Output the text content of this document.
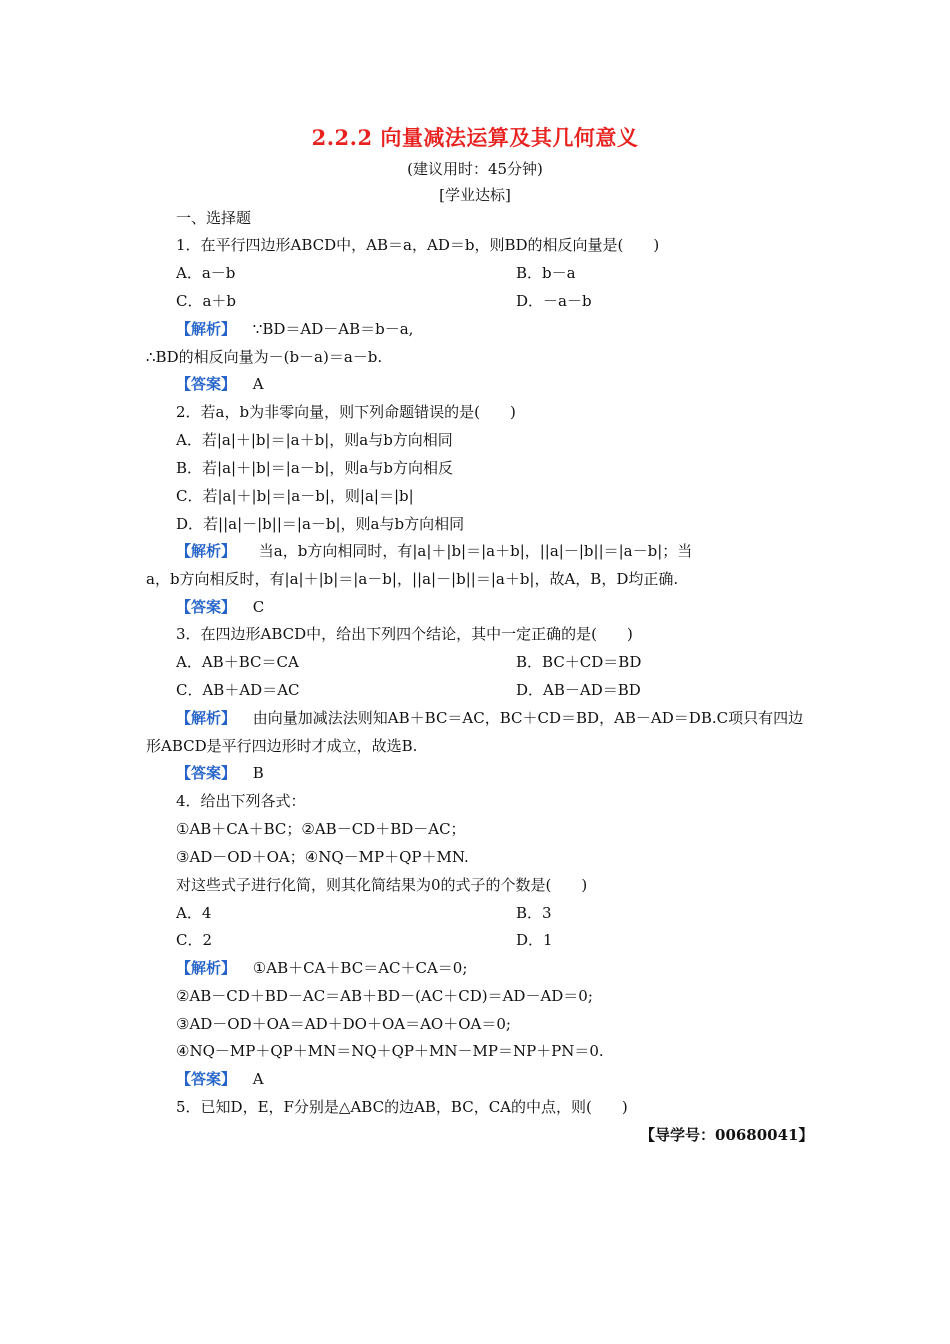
2.2.2 向量减法运算及其几何意义
(建议用时：45分钟)
[学业达标]
一、选择题
1．在平行四边形ABCD中，AB＝a，AD＝b，则BD的相反向量是(　　)
A．a－b	B．b－a
C．a＋b	D．－a－b
【解析】 ∵BD＝AD－AB＝b－a,
∴BD的相反向量为－(b－a)＝a－b.
【答案】 A
2．若a，b为非零向量，则下列命题错误的是(　　)
A．若|a|＋|b|＝|a＋b|，则a与b方向相同
B．若|a|＋|b|＝|a－b|，则a与b方向相反
C．若|a|＋|b|＝|a－b|，则|a|＝|b|
D．若||a|－|b||＝|a－b|，则a与b方向相同
【解析】 当a，b方向相同时，有|a|＋|b|＝|a＋b|，||a|－|b||＝|a－b|；当
a，b方向相反时，有|a|＋|b|＝|a－b|，||a|－|b||＝|a＋b|，故A，B，D均正确.
【答案】 C
3．在四边形ABCD中，给出下列四个结论，其中一定正确的是(　　)
A．AB＋BC＝CA	B．BC＋CD＝BD
C．AB＋AD＝AC	D．AB－AD＝BD
【解析】 由向量加减法法则知AB＋BC＝AC，BC＋CD＝BD，AB－AD＝DB.C项只有四边
形ABCD是平行四边形时才成立，故选B.
【答案】 B
4．给出下列各式：
①AB＋CA＋BC；②AB－CD＋BD－AC；
③AD－OD＋OA；④NQ－MP＋QP＋MN.
对这些式子进行化简，则其化简结果为0的式子的个数是(　　)
A．4	B．3
C．2	D．1
【解析】 ①AB＋CA＋BC＝AC＋CA＝0;
②AB－CD＋BD－AC＝AB＋BD－(AC＋CD)＝AD－AD＝0;
③AD－OD＋OA＝AD＋DO＋OA＝AO＋OA＝0;
④NQ－MP＋QP＋MN＝NQ＋QP＋MN－MP＝NP＋PN＝0.
【答案】 A
5．已知D，E，F分别是△ABC的边AB，BC，CA的中点，则(　　)
【导学号：00680041】
